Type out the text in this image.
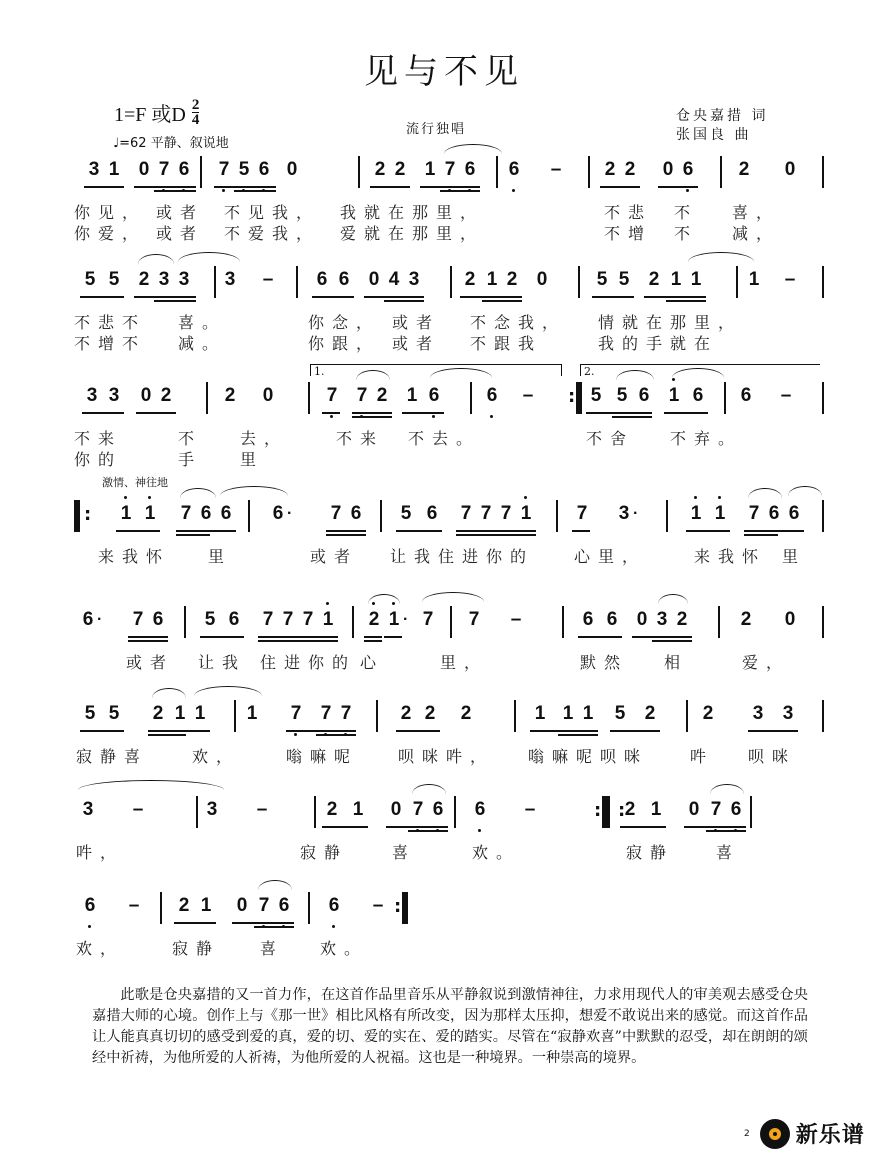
见与不见
1=F 或D $\frac{2}{4}$
♩=62 平静、叙说地
流行独唱
仓央嘉措 词
张国良 曲
3 1 0 7 6 7 5 6 0	2 2 1 7 6 6 – 2 2 0 6 2 0
你见， 或者 不见我， 我就在那里，	不悲 不 喜，
你爱， 或者 不爱我， 爱就在那里，	不增 不 减，
5 5 2 3 3 3 – 6 6 0 4 3 2 1 2 0	5 5 2 1 1 1 –
不悲不 喜。	你念， 或者 不念我， 情就在那里，
不增不 减。	你跟， 或者 不跟我	我的手就在
1.	2.
3 3 0 2	2 0	7 7 2 1 6 6 –	5 5 6 1 6 6 –
:
不来	不 去，	不来 不去。	不舍 不弃。
你的	手 里
激情、神往地
1 1 7 6 6 6 · 7 6 5 6 7 7 7 1 7 3 ·	1 1 7 6 6
:
来我怀 里	或者 让我住进你的 心里，	来我怀 里
6 · 7 6 5 6 7 7 7 1 2 1 · 7 7 –	6 6 0 3 2	2 0
或者 让我 住进你的 心	里，	默然 相	爱，
5 5 2 1 1 1 7 7 7	2 2 2	1 1 1 5 2 2 3 3
寂静喜	欢，	嗡嘛呢 呗咪吽， 嗡嘛呢呗咪	吽 呗咪
3 –	3 –	2 1 0 7 6 6 –	2 1 0 7 6
:
:
吽，	寂静	喜	欢。	寂静	喜
6 – 2 1 0 7 6 6 –
:
欢，	寂静 喜 欢。

此歌是仓央嘉措的又一首力作，在这首作品里音乐从平静叙说到激情神往，力求用现代人的审美观去感受仓央嘉措大师的心境。创作上与《那一世》相比风格有所改变，因为那样太压抑，想爱不敢说出来的感觉。而这首作品让人能真真切切的感受到爱的真，爱的切、爱的实在、爱的踏实。尽管在“寂静欢喜”中默默的忍受，却在朗朗的颂经中祈祷，为他所爱的人祈祷，为他所爱的人祝福。这也是一种境界。一种崇高的境界。

2 新乐谱
